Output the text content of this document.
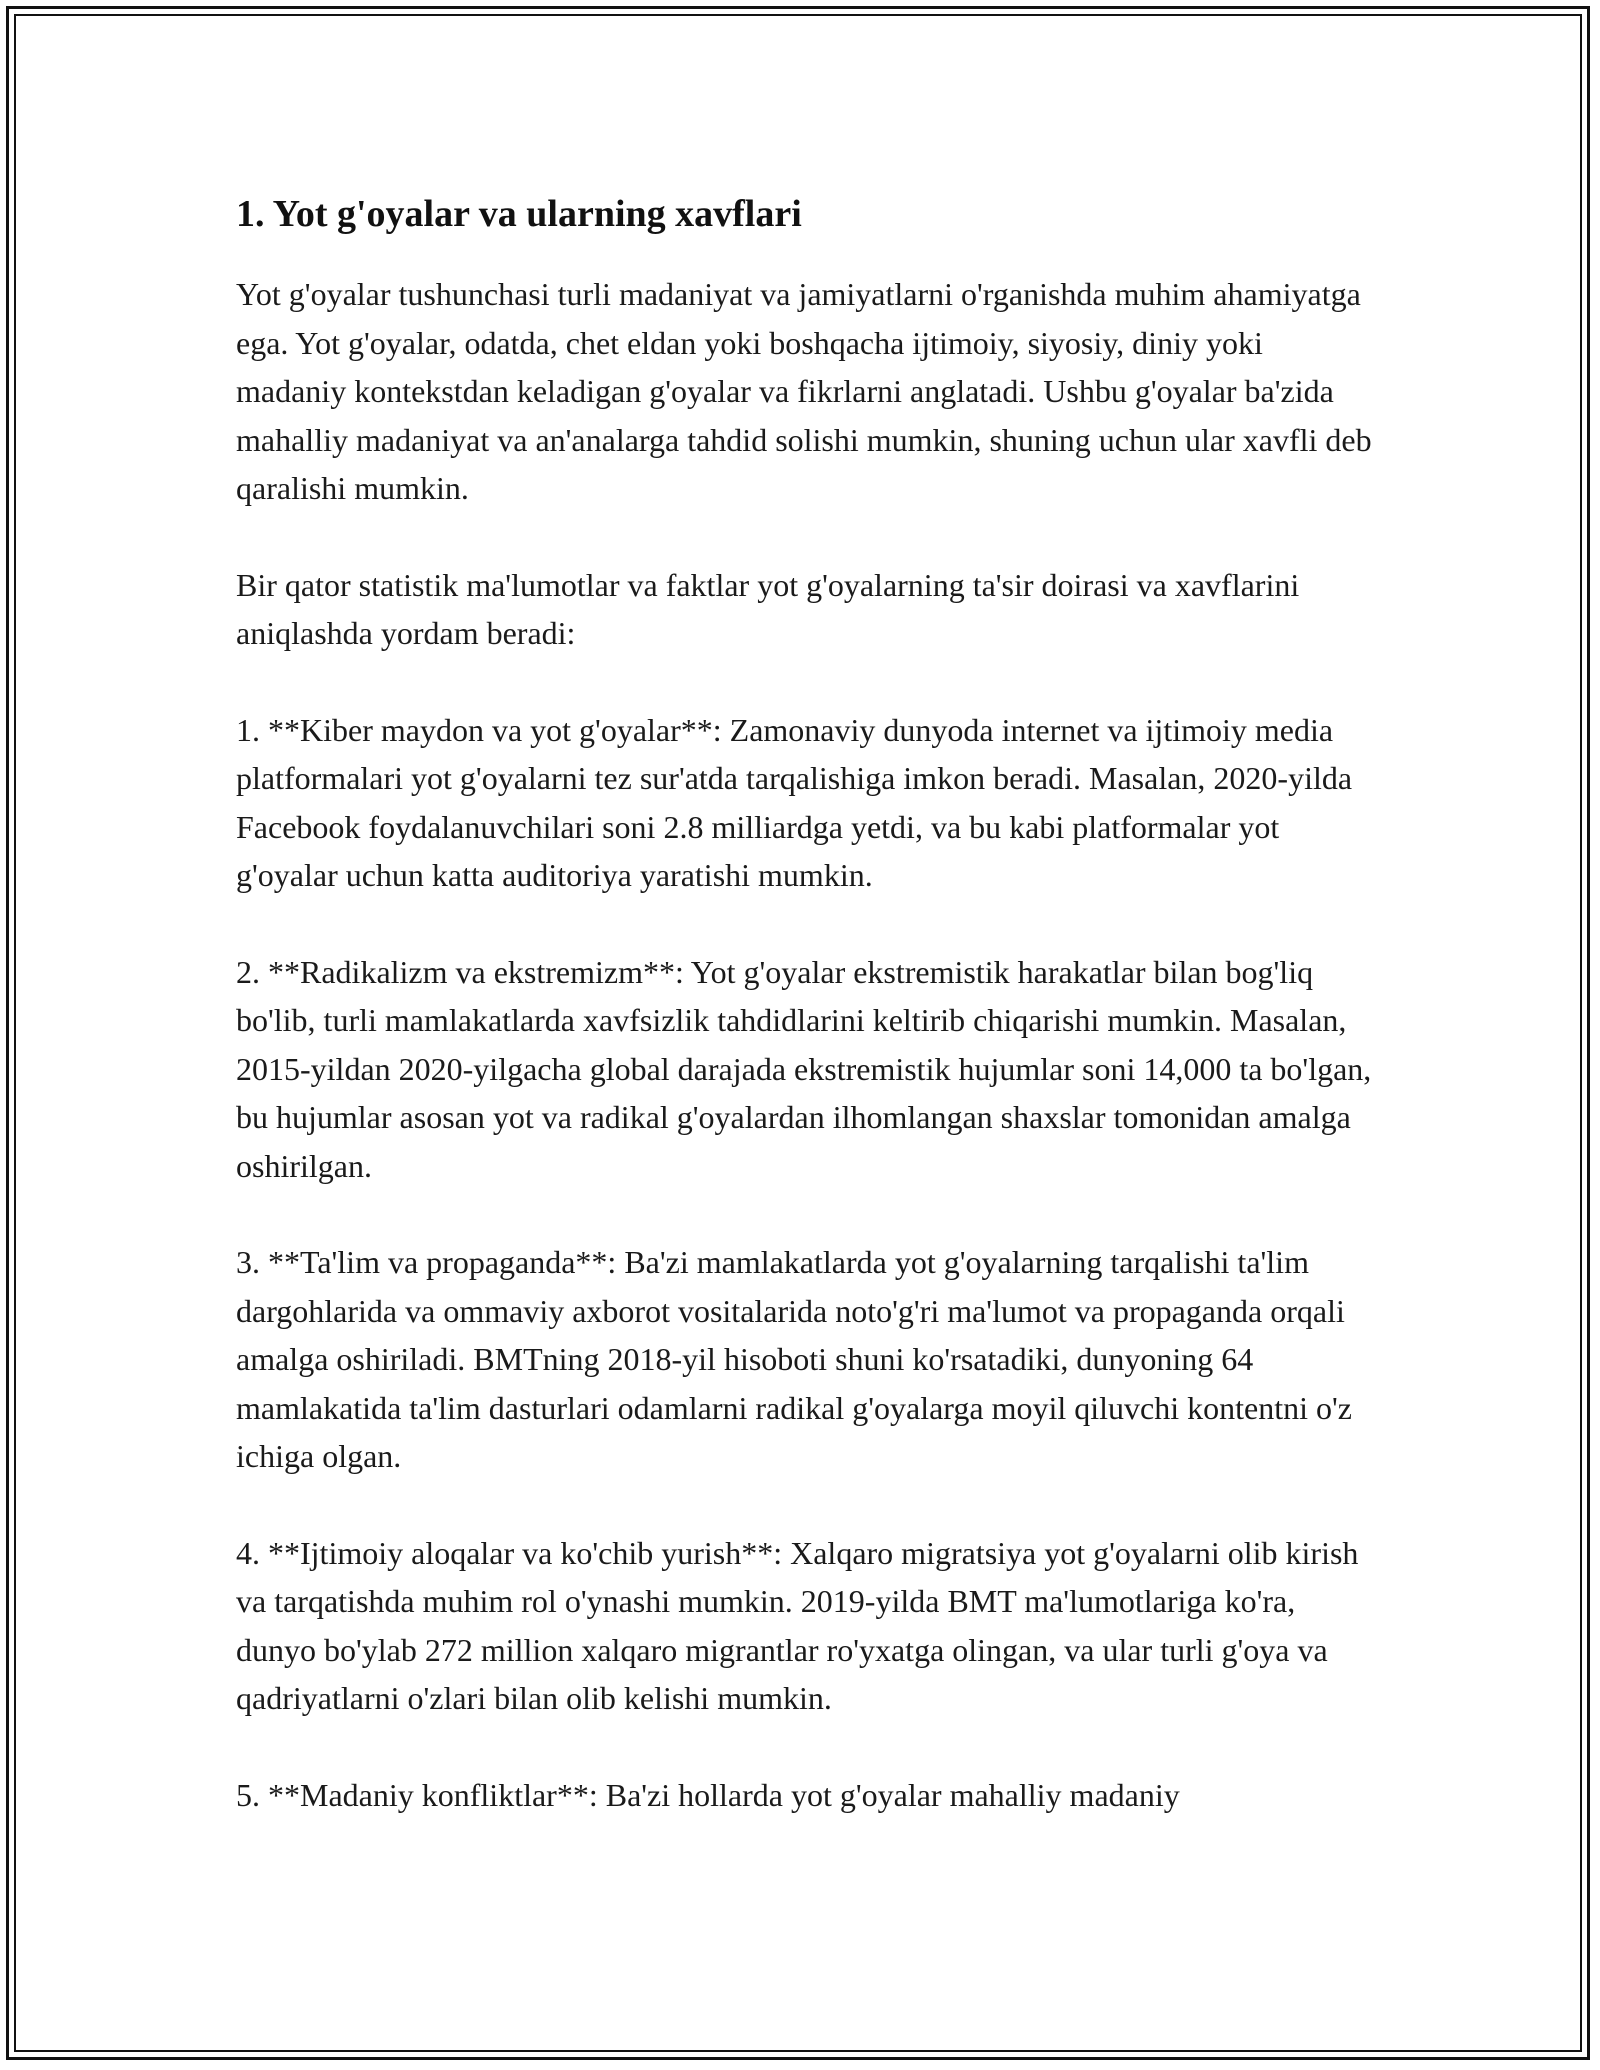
1. Yot g'oyalar va ularning xavflari

Yot g'oyalar tushunchasi turli madaniyat va jamiyatlarni o'rganishda muhim ahamiyatga ega. Yot g'oyalar, odatda, chet eldan yoki boshqacha ijtimoiy, siyosiy, diniy yoki madaniy kontekstdan keladigan g'oyalar va fikrlarni anglatadi. Ushbu g'oyalar ba'zida mahalliy madaniyat va an'analarga tahdid solishi mumkin, shuning uchun ular xavfli deb qaralishi mumkin.

Bir qator statistik ma'lumotlar va faktlar yot g'oyalarning ta'sir doirasi va xavflarini aniqlashda yordam beradi:

1. **Kiber maydon va yot g'oyalar**: Zamonaviy dunyoda internet va ijtimoiy media platformalari yot g'oyalarni tez sur'atda tarqalishiga imkon beradi. Masalan, 2020-yilda Facebook foydalanuvchilari soni 2.8 milliardga yetdi, va bu kabi platformalar yot g'oyalar uchun katta auditoriya yaratishi mumkin.

2. **Radikalizm va ekstremizm**: Yot g'oyalar ekstremistik harakatlar bilan bog'liq bo'lib, turli mamlakatlarda xavfsizlik tahdidlarini keltirib chiqarishi mumkin. Masalan, 2015-yildan 2020-yilgacha global darajada ekstremistik hujumlar soni 14,000 ta bo'lgan, bu hujumlar asosan yot va radikal g'oyalardan ilhomlangan shaxslar tomonidan amalga oshirilgan.

3. **Ta'lim va propaganda**: Ba'zi mamlakatlarda yot g'oyalarning tarqalishi ta'lim dargohlarida va ommaviy axborot vositalarida noto'g'ri ma'lumot va propaganda orqali amalga oshiriladi. BMTning 2018-yil hisoboti shuni ko'rsatadiki, dunyoning 64 mamlakatida ta'lim dasturlari odamlarni radikal g'oyalarga moyil qiluvchi kontentni o'z ichiga olgan.

4. **Ijtimoiy aloqalar va ko'chib yurish**: Xalqaro migratsiya yot g'oyalarni olib kirish va tarqatishda muhim rol o'ynashi mumkin. 2019-yilda BMT ma'lumotlariga ko'ra, dunyo bo'ylab 272 million xalqaro migrantlar ro'yxatga olingan, va ular turli g'oya va qadriyatlarni o'zlari bilan olib kelishi mumkin.

5. **Madaniy konfliktlar**: Ba'zi hollarda yot g'oyalar mahalliy madaniy
